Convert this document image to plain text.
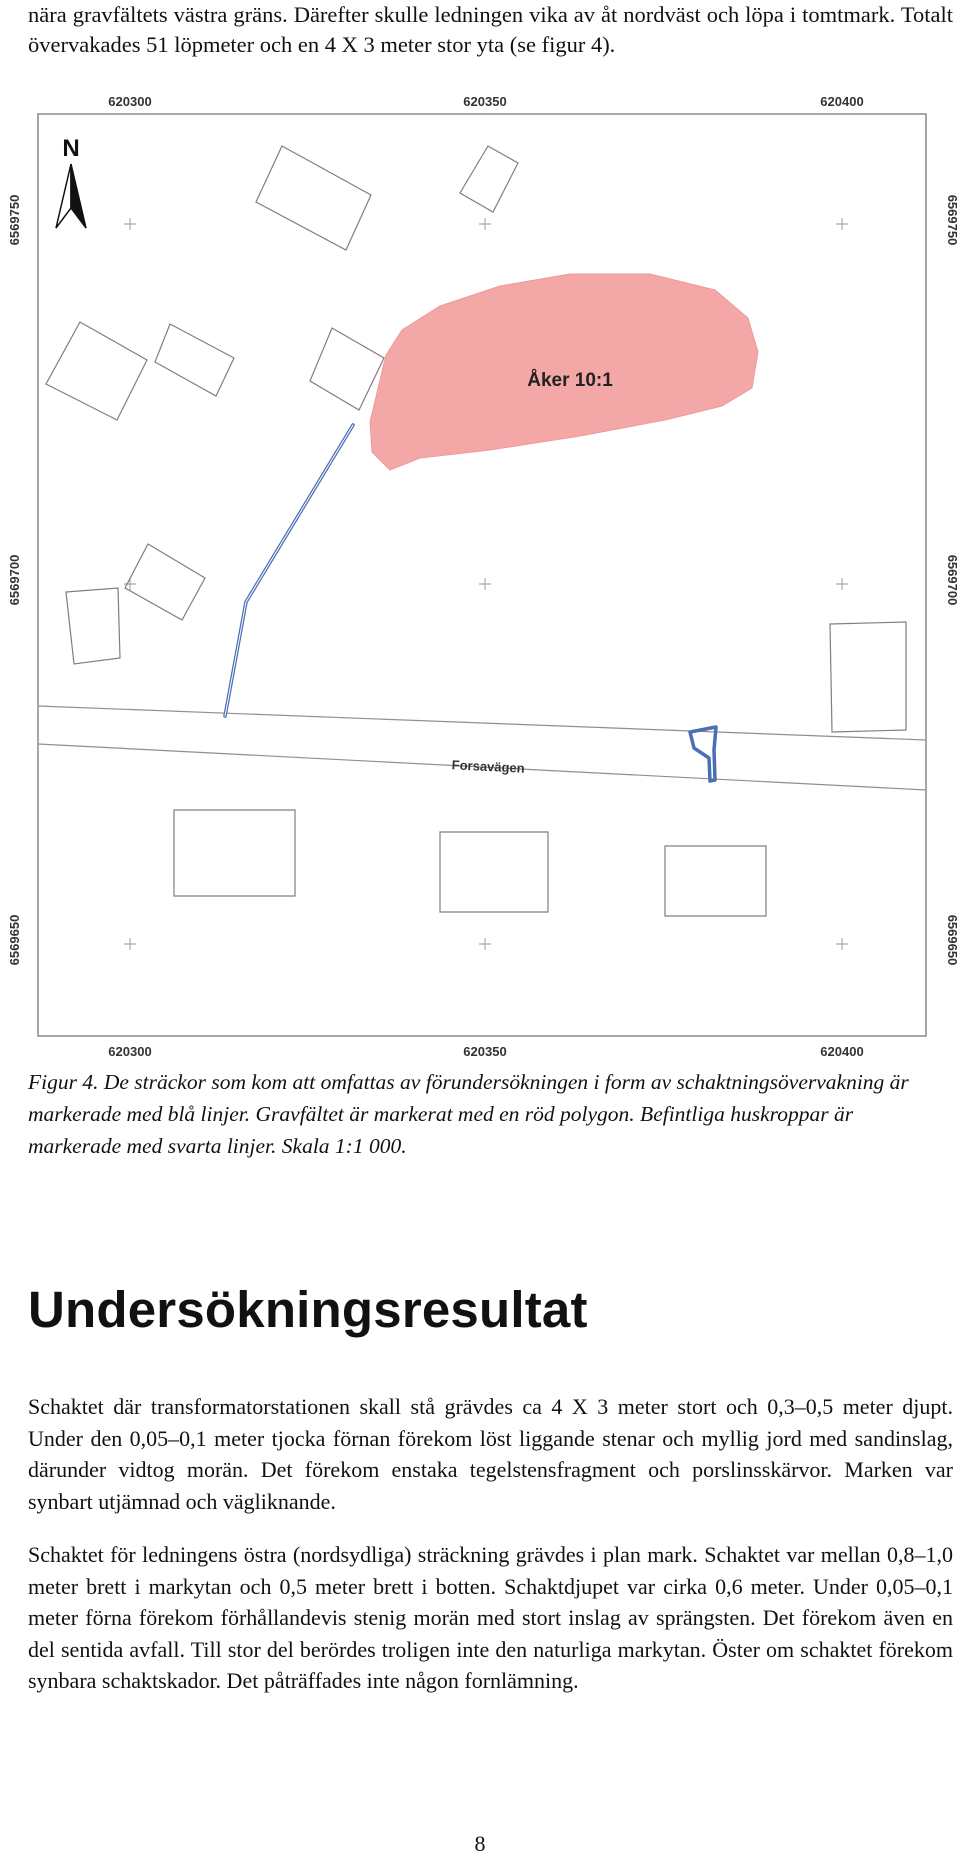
nära gravfältets västra gräns. Därefter skulle ledningen vika av åt nordväst och löpa i tomtmark. Totalt övervakades 51 löpmeter och en 4 X 3 meter stor yta (se figur 4).

620300	620350	620400
620300	620350	620400
6569750
6569700
6569650
6569750
6569700
6569650
N
Åker 10:1
Forsavägen

Figur 4. De sträckor som kom att omfattas av förundersökningen i form av schaktningsövervakning är markerade med blå linjer. Gravfältet är markerat med en röd polygon. Befintliga huskroppar är markerade med svarta linjer. Skala 1:1 000.

Undersökningsresultat

Schaktet där transformatorstationen skall stå grävdes ca 4 X 3 meter stort och 0,3–0,5 meter djupt. Under den 0,05–0,1 meter tjocka förnan förekom löst liggande stenar och myllig jord med sandinslag, därunder vidtog morän. Det förekom enstaka tegelstensfragment och porslinsskärvor. Marken var synbart utjämnad och vägliknande.

Schaktet för ledningens östra (nordsydliga) sträckning grävdes i plan mark. Schaktet var mellan 0,8–1,0 meter brett i markytan och 0,5 meter brett i botten. Schaktdjupet var cirka 0,6 meter. Under 0,05–0,1 meter förna förekom förhållandevis stenig morän med stort inslag av sprängsten. Det förekom även en del sentida avfall. Till stor del berördes troligen inte den naturliga markytan. Öster om schaktet förekom synbara schaktskador. Det påträffades inte någon fornlämning.

8
